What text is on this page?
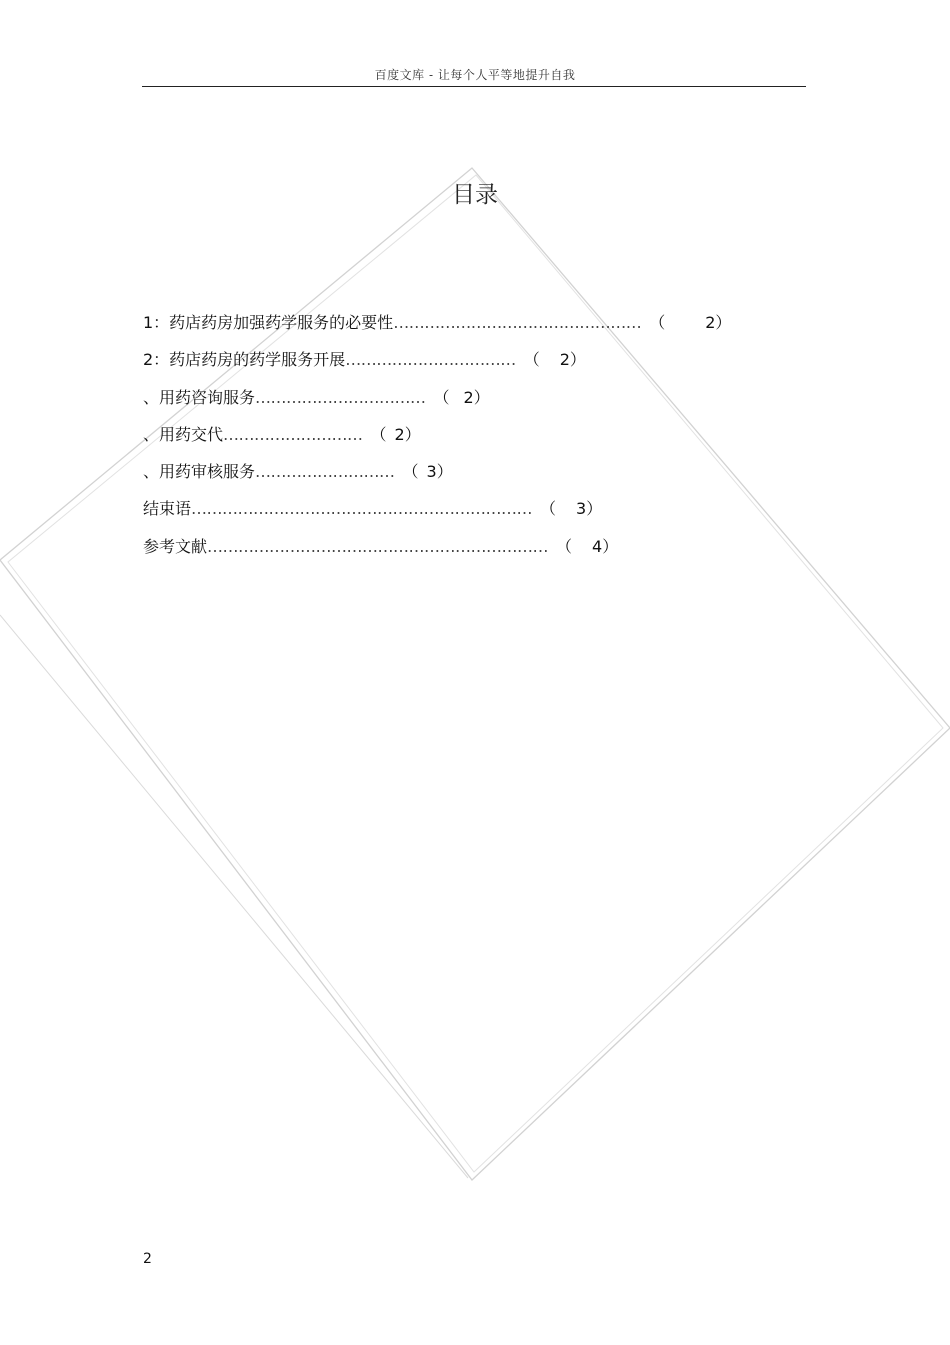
百度文库 - 让每个人平等地提升自我
目录
1：药店药房加强药学服务的必要性………………………………………… （	2）
2：药店药房的药学服务开展…………………………… （ 2）
、用药咨询服务…………………………… （ 2）
、用药交代……………………… （ 2）
、用药审核服务……………………… （ 3）
结束语………………………………………………………… （ 3）
参考文献………………………………………………………… （ 4）
2
